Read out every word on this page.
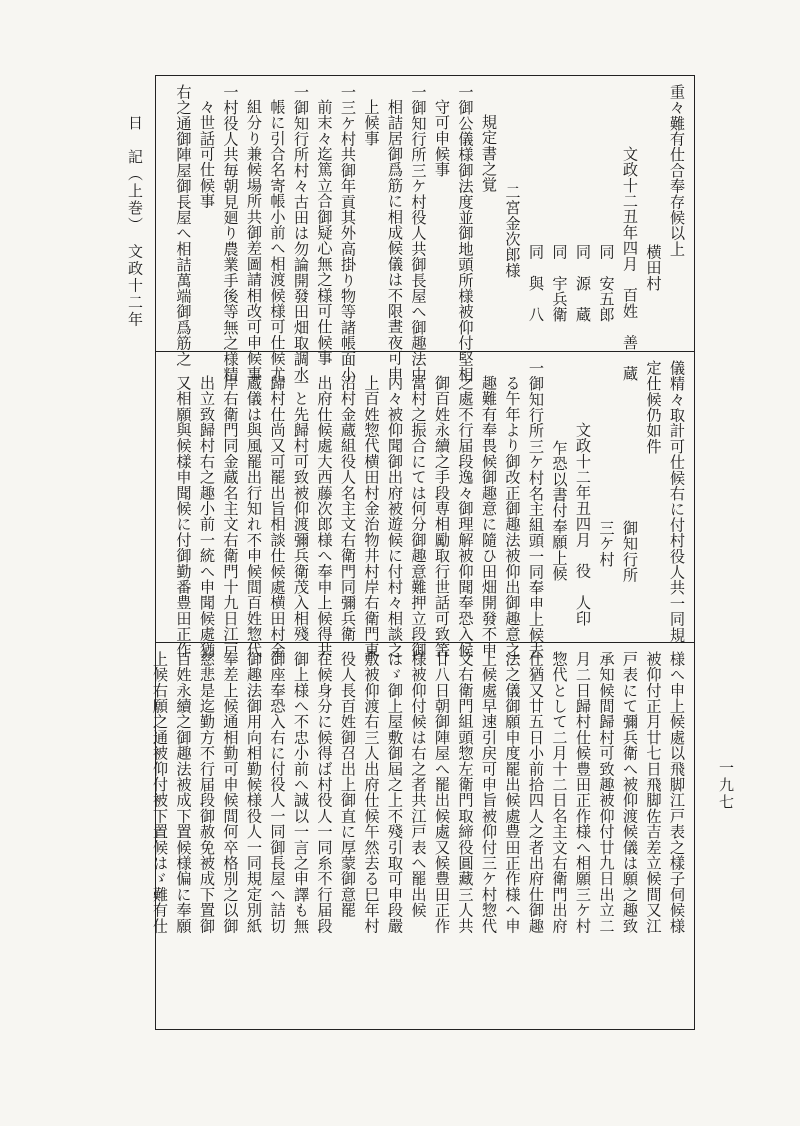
日　記（上巻）　文政十二年
一九七
重々難有仕合奉存候以上
横田村
文政十二丑年四月　百姓　善　蔵
同　安五郎
同　源　蔵
同　宇兵衛
同　與　八
二宮金次郎様
規定書之覚
一御公儀様御法度並御地頭所様被仰付堅相
守可申候事
一御知行所三ケ村役人共御長屋へ御趣法中
相詰居御爲筋に相成候儀は不限晝夜可申
上候事
一三ケ村共御年貢其外高掛り物等諸帳面小
前末々迄篤立合御疑心無之様可仕候事
一御知行所村々古田は勿論開發田畑取調水
帳に引合名寄帳小前へ相渡候様可仕候尤
組分り兼候場所共御差圖請相改可申候事
一村役人共毎朝見廻り農業手後等無之様精
々世話可仕候事
右之通御陣屋御長屋へ相詰萬端御爲筋之
儀精々取計可仕候右に付村役人共一同規
定仕候仍如件
御知行所
三ケ村
文政十二年丑四月　役　人印
乍恐以書付奉願上候
一御知行所三ケ村名主組頭一同奉申上候去
る午年より御改正御趣法被仰出御趣意之
趣難有奉畏候御趣意に隨ひ田畑開發不申
之處不行届段逸々御理解被仰聞奉恐入候
御百姓永續之手段専相勵取行世話可致筈
當村之振合にては何分御趣意難押立段御
内々被仰聞御出府被遊候に付村々相談之
上百姓惣代横田村金治物井村岸右衛門東
沼村金蔵組役人名主文右衛門同彌兵衛
出府仕候處大西藤次郎様へ奉申上候得共
一と先歸村可致被仰渡彌兵衛茂入相殘
歸村仕尚又可罷出旨相談仕候處横田村金
蔵儀は與風罷出行知れ不申候間百姓惣代
岸右衛門同金蔵名主文右衛門十九日江戸
出立致歸村右之趣小前一統へ申聞候處猶
又相願與候樣申聞候に付御勤番豊田正作
様へ申上候處以飛脚江戸表之樣子伺候様
被仰付正月廿七日飛脚佐吉差立候間又江
戸表にて彌兵衛へ被仰渡候儀は願之趣致
承知候間歸村可致趣被仰付廿九日出立二
月二日歸村仕候豊田正作様へ相願三ケ村
惣代として二月十二日名主文右衛門出府
仕猶又廿五日小前拾四人之者出府仕御趣
法之儀御願申度罷出候處豊田正作様へ申
上候處早速引戻可申旨被仰付三ケ村惣代
文右衛門組頭惣左衛門取締役圓藏三人共
廿八日朝御陣屋へ罷出候處又候豊田正作
様被仰付候は右之者共江戸表へ罷出候
はゞ御上屋敷御屆之上不殘引取可申段嚴
敷被仰渡右三人出府仕候午然去る巳年村
役人長百姓御召出上御直に厚蒙御意罷
在候身分に候得ば村役人一同糸不行届段
御上様へ不忠小前へ誠以一言之申譯も無
御座奉恐入右に付役人一同御長屋へ詰切
御趣法御用向相勤候様役人一同規定別紙
奉差上候通相勤可申候間何卒格別之以御
慈悲是迄勤方不行届段御赦免被成下置御
百姓永續之御趣法被成下置候様偏に奉願
上候右願之通被仰付被下置候はゞ難有仕
